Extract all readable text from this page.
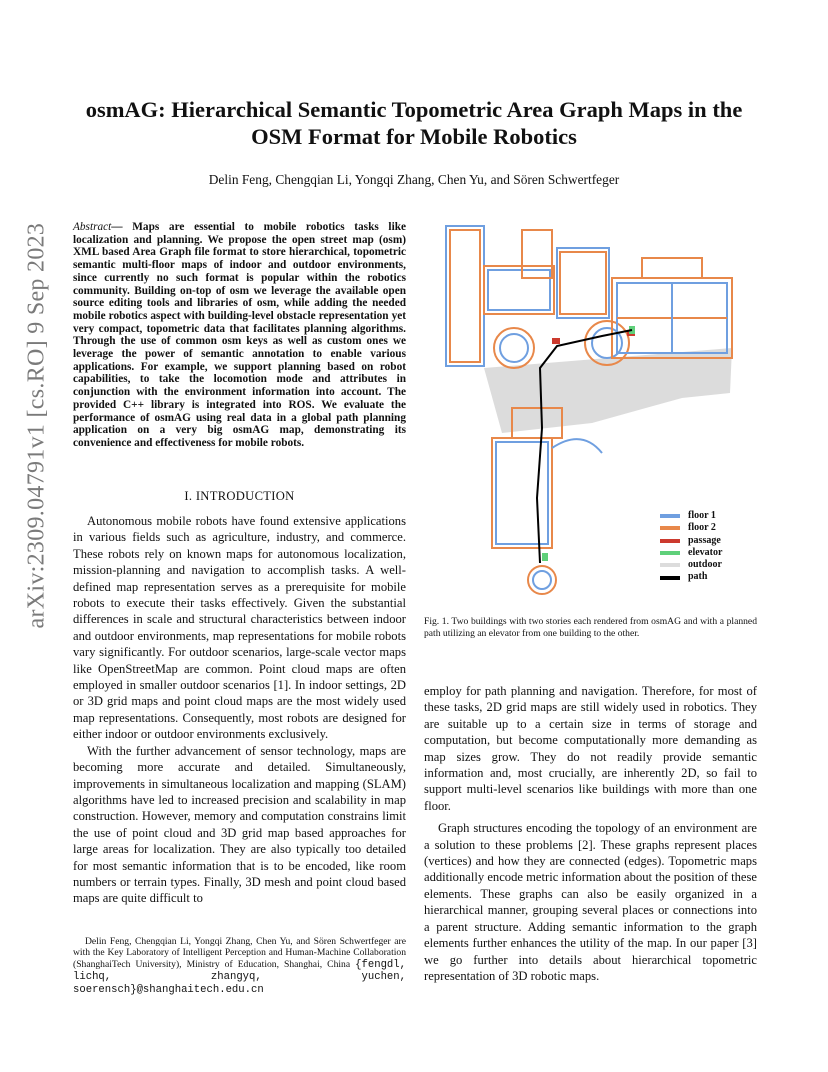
arXiv:2309.04791v1 [cs.RO] 9 Sep 2023
osmAG: Hierarchical Semantic Topometric Area Graph Maps in the
OSM Format for Mobile Robotics
Delin Feng, Chengqian Li, Yongqi Zhang, Chen Yu, and Sören Schwertfeger
Abstract— Maps are essential to mobile robotics tasks like localization and planning. We propose the open street map (osm) XML based Area Graph file format to store hierarchical, topometric semantic multi-floor maps of indoor and outdoor environments, since currently no such format is popular within the robotics community. Building on-top of osm we leverage the available open source editing tools and libraries of osm, while adding the needed mobile robotics aspect with building-level obstacle representation yet very compact, topometric data that facilitates planning algorithms. Through the use of common osm keys as well as custom ones we leverage the power of semantic annotation to enable various applications. For example, we support planning based on robot capabilities, to take the locomotion mode and attributes in conjunction with the environment information into account. The provided C++ library is integrated into ROS. We evaluate the performance of osmAG using real data in a global path planning application on a very big osmAG map, demonstrating its convenience and effectiveness for mobile robots.
I. INTRODUCTION

Autonomous mobile robots have found extensive applications in various fields such as agriculture, industry, and commerce. These robots rely on known maps for autonomous localization, mission-planning and navigation to accomplish tasks. A well-defined map representation serves as a prerequisite for mobile robots to execute their tasks effectively. Given the substantial differences in scale and structural characteristics between indoor and outdoor environments, map representations for mobile robots vary significantly. For outdoor scenarios, large-scale vector maps like OpenStreetMap are common. Point cloud maps are often employed in smaller outdoor scenarios [1]. In indoor settings, 2D or 3D grid maps and point cloud maps are the most widely used map representations. Consequently, most robots are designed for either indoor or outdoor environments exclusively.

With the further advancement of sensor technology, maps are becoming more accurate and detailed. Simultaneously, improvements in simultaneous localization and mapping (SLAM) algorithms have led to increased precision and scalability in map construction. However, memory and computation constrains limit the use of point cloud and 3D grid map based approaches for large areas for localization. They are also typically too detailed for most semantic information that is to be encoded, like room numbers or terrain types. Finally, 3D mesh and point cloud based maps are quite difficult to

Delin Feng, Chengqian Li, Yongqi Zhang, Chen Yu, and Sören Schwertfeger are with the Key Laboratory of Intelligent Perception and Human-Machine Collaboration (ShanghaiTech University), Ministry of Education, Shanghai, China {fengdl, lichq, zhangyq, yuchen, soerensch}@shanghaitech.edu.cn
floor 1
floor 2
passage
elevator
outdoor
path
Fig. 1. Two buildings with two stories each rendered from osmAG and with a planned path utilizing an elevator from one building to the other.

employ for path planning and navigation. Therefore, for most of these tasks, 2D grid maps are still widely used in robotics. They are suitable up to a certain size in terms of storage and computation, but become computationally more demanding as map sizes grow. They do not readily provide semantic information and, most crucially, are inherently 2D, so fail to support multi-level scenarios like buildings with more than one floor.

Graph structures encoding the topology of an environment are a solution to these problems [2]. These graphs represent places (vertices) and how they are connected (edges). Topometric maps additionally encode metric information about the position of these elements. These graphs can also be easily organized in a hierarchical manner, grouping several places or connections into a parent structure. Adding semantic information to the graph elements further enhances the utility of the map. In our paper [3] we go further into details about hierarchical topometric representation of 3D robotic maps.
